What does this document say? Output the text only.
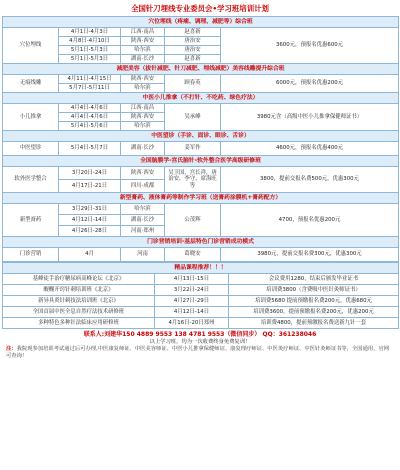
全国针刀埋线专业委员会•学习班培训计划
穴位埋线（疼痛、调理、减肥等）综合班				
穴位埋线	4月1日-4月3日	江西·南昌	赵喜新	3600元，预报名优惠600元
	4月8日-4月10日	陕西·西安	唐治安	
	5月1日-5月3日	哈尔滨	唐治安	
	5月1日-5月3日	湖南·长沙	赵喜新	
减肥美容（拔针减肥、针刀减肥、埋线减肥）美容线雕提升综合班				
无痕线雕	4月11日-4月15日	陕西·西安	顾春英	6000元，预报名优惠200元
	5月7日-5月11日	哈尔滨		
中医小儿推拿（不打针、不吃药、绿色疗法）				
小儿推拿	4月4日-4月6日	江西·南昌	吴承峰	3980元含（高级中医小儿推拿保健师证书）
	4月4日-4月6日	陕西·西安		
	5月4日-5月6日	哈尔滨		
中医望诊（手诊、面诊、眼诊、舌诊）				
中医望诊	5月4日-5月7日	湖南·长沙	姜军作	4600元，预报名优惠400元
全国脑膜学-宫氏脑针-软外整合医学高级研修班				
软外医学整合	3月20日-24日	陕西·西安	吴卫国，宫长祥，唐治安，李守，席海旺等	3800，提前交报名费500元，优惠300元
	4月17日-21日	四川·成都		
新型膏药、液体膏药等制作学习班（送膏药涂膜机+膏药配方）				
新型膏药	3月29日-31日	哈尔滨	公茂辉	4700，预报名优惠200元
	4月12日-14日	湖南·长沙		
	4月26日-28日	河南·郑州		
门诊营销培训-基层特色门诊营销成功模式				
门诊营销	4月	河南	葛晓安	3980元，提前交报名费300元，优惠300元
精品课程推荐！！！		
基峰徒手治疗糖尿病高峰论坛《北京》	4月13日-15日	会议费用1280，结束后颁发毕业证书
醍醐开窍针刺培训班《北京》	3月22日-24日	培训费3800（含费吸中医针灸师证书）
新异具炎针刺技法培训班《北京》	4月27日-29日	培训费5680 提前预缴报名费200元，优惠680元
全国首届中医全息自然疗法技术研修班	4月12日-14日	培训费3600，提前预缴报名费200元，优惠200元
多种特色多种针法临床应用研修班	4月16日-20日郑州	培训费4800，提前预缴报名费送新九针一套
联系人:刘建华150 4889 9553 138 4781 9553（微信同步） QQ：361238046
以上学习班，均为一次收费终身免费复训！
注：我院现参加培训考试通过后可办理,中医康复师证、中医美容师证、中医小儿推拿保健师证、康复理疗师证、中医灸疗师证、中医针灸师证书等，全国通用，官网可查询！
